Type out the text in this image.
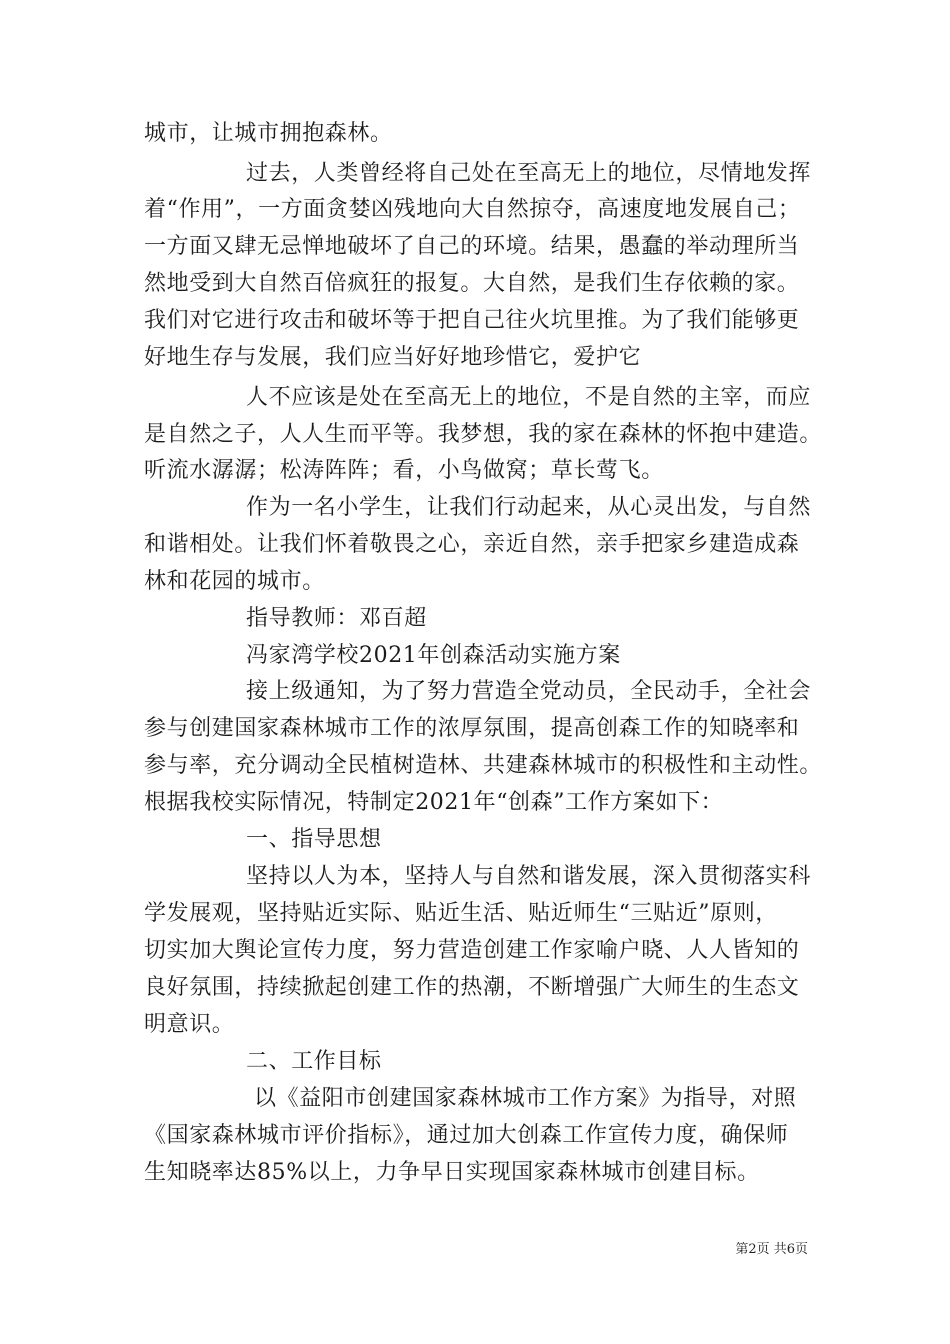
城市，让城市拥抱森林。
过去，人类曾经将自己处在至高无上的地位，尽情地发挥
着“作用”，一方面贪婪凶残地向大自然掠夺，高速度地发展自己；
一方面又肆无忌惮地破坏了自己的环境。结果，愚蠢的举动理所当
然地受到大自然百倍疯狂的报复。大自然，是我们生存依赖的家。
我们对它进行攻击和破坏等于把自己往火坑里推。为了我们能够更
好地生存与发展，我们应当好好地珍惜它，爱护它
人不应该是处在至高无上的地位，不是自然的主宰，而应
是自然之子，人人生而平等。我梦想，我的家在森林的怀抱中建造。
听流水潺潺；松涛阵阵；看，小鸟做窝；草长莺飞。
作为一名小学生，让我们行动起来，从心灵出发，与自然
和谐相处。让我们怀着敬畏之心，亲近自然，亲手把家乡建造成森
林和花园的城市。
指导教师：邓百超
冯家湾学校2021年创森活动实施方案
接上级通知，为了努力营造全党动员，全民动手，全社会
参与创建国家森林城市工作的浓厚氛围，提高创森工作的知晓率和
参与率，充分调动全民植树造林、共建森林城市的积极性和主动性。
根据我校实际情况，特制定2021年“创森”工作方案如下：
一、指导思想
坚持以人为本，坚持人与自然和谐发展，深入贯彻落实科
学发展观，坚持贴近实际、贴近生活、贴近师生“三贴近”原则，
切实加大舆论宣传力度，努力营造创建工作家喻户晓、人人皆知的
良好氛围，持续掀起创建工作的热潮，不断增强广大师生的生态文
明意识。
二、工作目标
以《益阳市创建国家森林城市工作方案》为指导，对照
《国家森林城市评价指标》，通过加大创森工作宣传力度，确保师
生知晓率达85%以上，力争早日实现国家森林城市创建目标。
第2页 共6页
